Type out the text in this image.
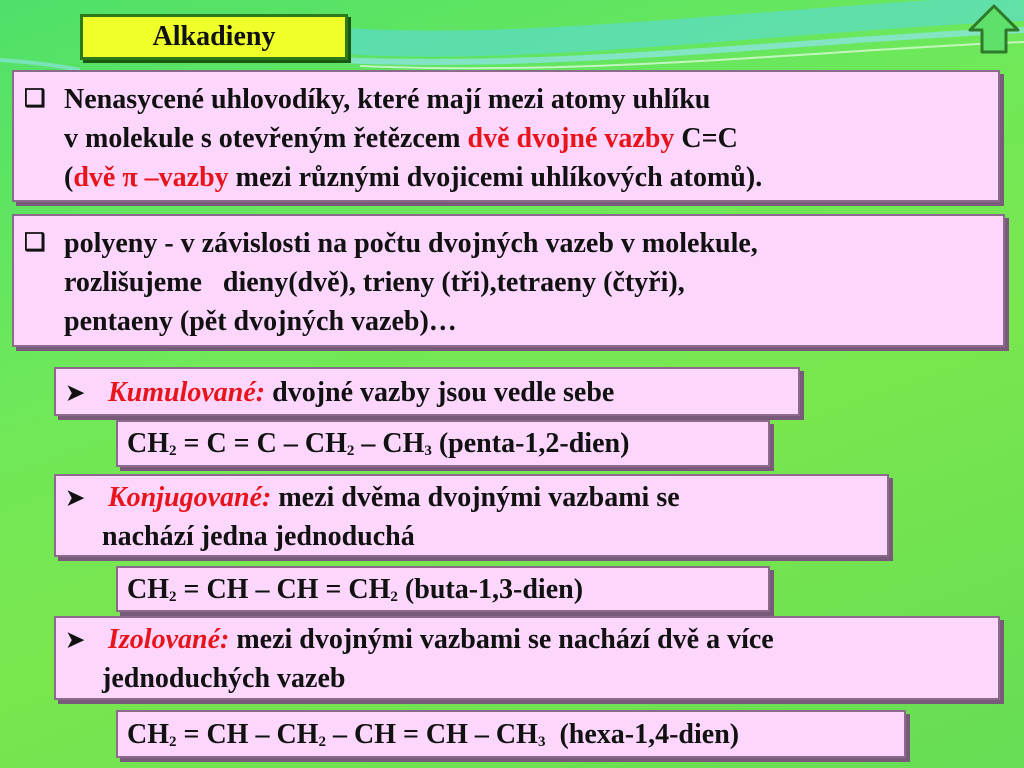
Alkadieny
❑ Nenasycené uhlovodíky, které mají mezi atomy uhlíku
v molekule s otevřeným řetězcem dvě dvojné vazby C=C
(dvě π –vazby mezi různými dvojicemi uhlíkových atomů).
❑ polyeny - v závislosti na počtu dvojných vazeb v molekule,
rozlišujeme   dieny(dvě), trieny (tři),tetraeny (čtyři),
pentaeny (pět dvojných vazeb)…
➤ Kumulované: dvojné vazby jsou vedle sebe
$CH_2 = C = C - CH_2 - CH_3$ (penta-1,2-dien)
➤ Konjugované: mezi dvěma dvojnými vazbami se
nachází jedna jednoduchá
$CH_2$ = CH – CH = $CH_2$ (buta-1,3-dien)
➤ Izolované: mezi dvojnými vazbami se nachází dvě a více
jednoduchých vazeb
$CH_2$ = CH – $CH_2$ – CH = CH – $CH_3$  (hexa-1,4-dien)
